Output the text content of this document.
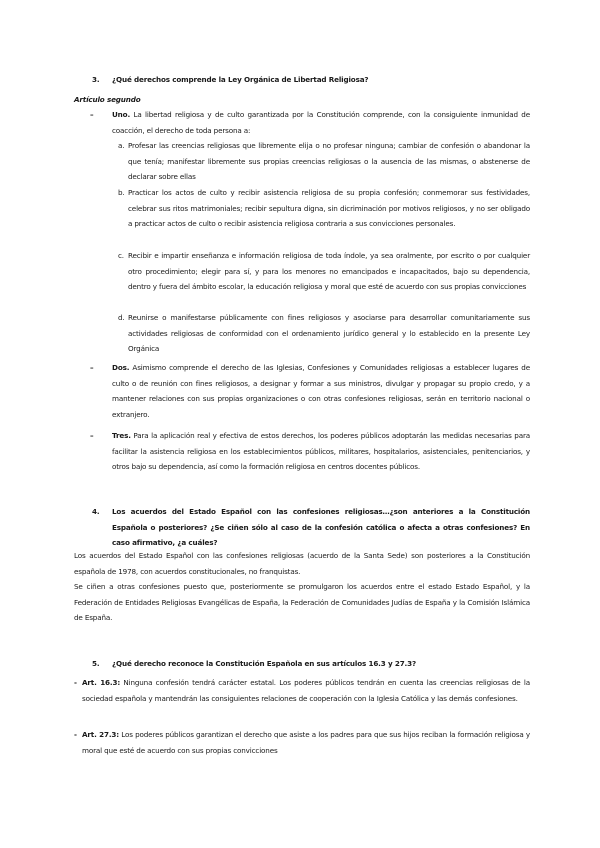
3. ¿Qué derechos comprende la Ley Orgánica de Libertad Religiosa?
Artículo segundo
–	Uno. La libertad religiosa y de culto garantizada por la Constitución comprende, con la consiguiente inmunidad de coacción, el derecho de toda persona a:
a. Profesar las creencias religiosas que libremente elija o no profesar ninguna; cambiar de confesión o abandonar la que tenía; manifestar libremente sus propias creencias religiosas o la ausencia de las mismas, o abstenerse de declarar sobre ellas
b. Practicar los actos de culto y recibir asistencia religiosa de su propia confesión; conmemorar sus festividades, celebrar sus ritos matrimoniales; recibir sepultura digna, sin dicriminación por motivos religiosos, y no ser obligado a practicar actos de culto o recibir asistencia religiosa contraria a sus convicciones personales.
c. Recibir e impartir enseñanza e información religiosa de toda índole, ya sea oralmente, por escrito o por cualquier otro procedimiento; elegir para sí, y para los menores no emancipados e incapacitados, bajo su dependencia, dentro y fuera del ámbito escolar, la educación religiosa y moral que esté de acuerdo con sus propias convicciones
d. Reunirse o manifestarse públicamente con fines religiosos y asociarse para desarrollar comunitariamente sus actividades religiosas de conformidad con el ordenamiento jurídico general y lo establecido en la presente Ley Orgánica
–	Dos. Asimismo comprende el derecho de las Iglesias, Confesiones y Comunidades religiosas a establecer lugares de culto o de reunión con fines religiosos, a designar y formar a sus ministros, divulgar y propagar su propio credo, y a mantener relaciones con sus propias organizaciones o con otras confesiones religiosas, serán en territorio nacional o extranjero.
–	Tres. Para la aplicación real y efectiva de estos derechos, los poderes públicos adoptarán las medidas necesarias para facilitar la asistencia religiosa en los establecimientos públicos, militares, hospitalarios, asistenciales, penitenciarios, y otros bajo su dependencia, así como la formación religiosa en centros docentes públicos.
4. Los acuerdos del Estado Español con las confesiones religiosas…¿son anteriores a la Constitución Española o posteriores? ¿Se ciñen sólo al caso de la confesión católica o afecta a otras confesiones? En caso afirmativo, ¿a cuáles?
Los acuerdos del Estado Español con las confesiones religiosas (acuerdo de la Santa Sede) son posteriores a la Constitución española de 1978, con acuerdos constitucionales, no franquistas.
Se ciñen a otras confesiones puesto que, posteriormente se promulgaron los acuerdos entre el estado Estado Español, y la Federación de Entidades Religiosas Evangélicas de España, la Federación de Comunidades Judías de España y la Comisión Islámica de España.
5. ¿Qué derecho reconoce la Constitución Española en sus artículos 16.3 y 27.3?
- Art. 16.3: Ninguna confesión tendrá carácter estatal. Los poderes públicos tendrán en cuenta las creencias religiosas de la sociedad española y mantendrán las consiguientes relaciones de cooperación con la Iglesia Católica y las demás confesiones.
- Art. 27.3: Los poderes públicos garantizan el derecho que asiste a los padres para que sus hijos reciban la formación religiosa y moral que esté de acuerdo con sus propias convicciones
